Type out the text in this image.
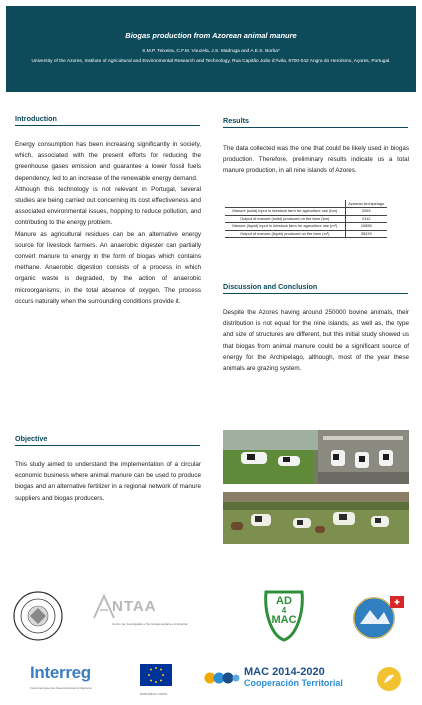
Biogas production from Azorean animal manure
S.M.P. Teixeira, C.F.M. Vouzela, J.S. Madruga and A.E.S. Borba*
University of the Azores, Institute of Agricultural and Environmental Research and Technology, Rua Capitão João d'Ávila, 9700-042 Angra do Heroísmo, Açores, Portugal.
Introduction

Energy consumption has been increasing significantly in society, which, associated with the present efforts for reducing the greenhouse gases emission and guarantee a lower fossil fuels dependency, led to an increase of the renewable energy demand.

Although this technology is not relevant in Portugal, several studies are being carried out concerning its cost effectiveness and associated environmental issues, hopping to reduce pollution, and contributing to the energy problem.

Manure as agricultural residues can be an alternative energy source for livestock farmers. An anaerobic digester can partially convert manure to energy in the form of biogas which contains methane. Anaerobic digestion consists of a process in which organic waste is degraded, by the action of anaerobic microorganisms, in the total absence of oxygen. The process occurs naturally when the surrounding conditions provide it.

Objective

This study aimed to understand the implementation of a circular economic business where animal manure can be used to produce biogas and an alternative fertilizer in a regional network of manure suppliers and biogas producers.

Results

The data collected was the one that could be likely used in biogas production. Therefore, preliminary results indicate us a total manure production, in all nine islands of Azores.

	Azorean Archipelago
Manure (solid) input in livestock farm for agriculture use (ton)	3263
Output of manure (solid) produced on the farm (ton)	1312
Manure (liquid) input in livestock farm for agriculture use (m³)	10855
Output of manure (liquid) produced on the farm (m³)	35229
Discussion and Conclusion

Despite the Azores having around 250000 bovine animals, their distribution is not equal for the nine islands, as well as, the type and size of structures are different, but this initial study showed us that biogas from animal manure could be a significant source of energy for the Archipelago, although, most of the year these animals are grazing system.

NTAA
Centro de Investigação e Tecnologia Agrária e Ambiental
AD
4
MAC
Interreg
Fundo Europeu de Desenvolvimento Regional
EUROPEAN UNION
MAC 2014-2020
Cooperación Territorial
